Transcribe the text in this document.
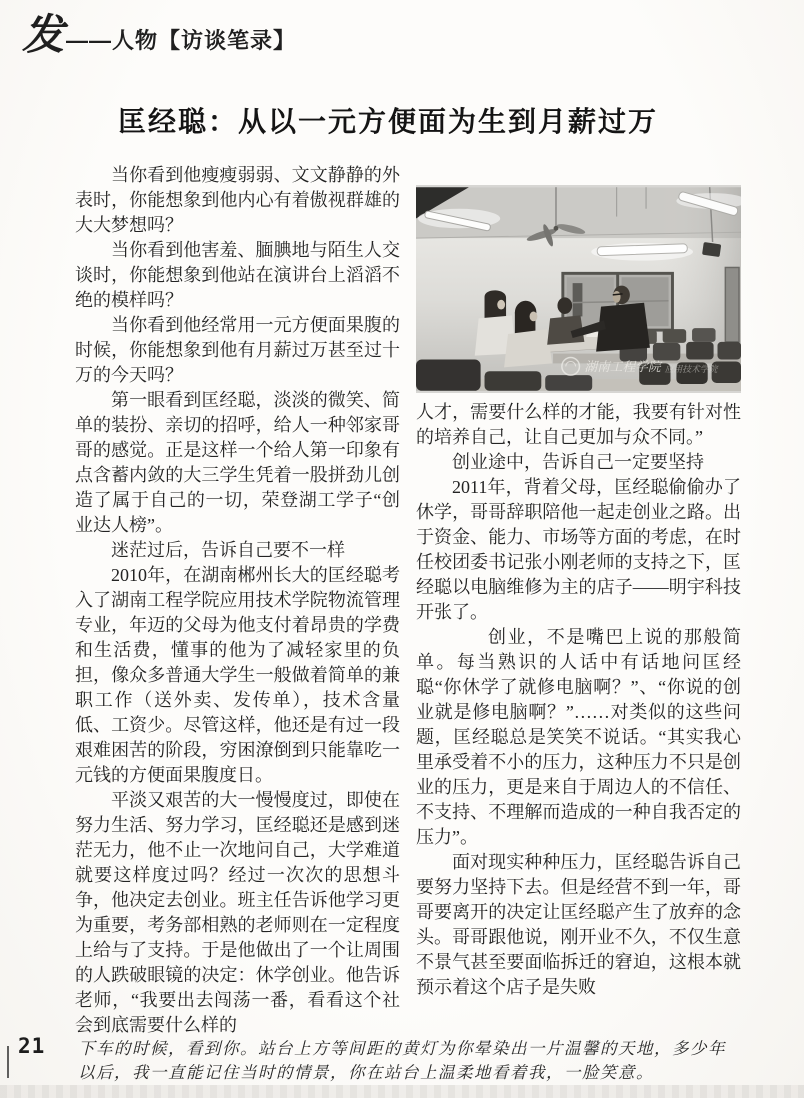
发 ——人物【访谈笔录】
匡经聪：从以一元方便面为生到月薪过万

当你看到他瘦瘦弱弱、文文静静的外表时，你能想象到他内心有着傲视群雄的大大梦想吗？

当你看到他害羞、腼腆地与陌生人交谈时，你能想象到他站在演讲台上滔滔不绝的模样吗？

当你看到他经常用一元方便面果腹的时候，你能想象到他有月薪过万甚至过十万的今天吗？

第一眼看到匡经聪，淡淡的微笑、简单的装扮、亲切的招呼，给人一种邻家哥哥的感觉。正是这样一个给人第一印象有点含蓄内敛的大三学生凭着一股拼劲儿创造了属于自己的一切，荣登湖工学子“创业达人榜”。

迷茫过后，告诉自己要不一样

2010年，在湖南郴州长大的匡经聪考入了湖南工程学院应用技术学院物流管理专业，年迈的父母为他支付着昂贵的学费和生活费，懂事的他为了减轻家里的负担，像众多普通大学生一般做着简单的兼职工作（送外卖、发传单），技术含量低、工资少。尽管这样，他还是有过一段艰难困苦的阶段，穷困潦倒到只能靠吃一元钱的方便面果腹度日。

平淡又艰苦的大一慢慢度过，即使在努力生活、努力学习，匡经聪还是感到迷茫无力，他不止一次地问自己，大学难道就要这样度过吗？经过一次次的思想斗争，他决定去创业。班主任告诉他学习更为重要，考务部相熟的老师则在一定程度上给与了支持。于是他做出了一个让周围的人跌破眼镜的决定：休学创业。他告诉老师，“我要出去闯荡一番，看看这个社会到底需要什么样的

湖南工程学院 应用技术学院

人才，需要什么样的才能，我要有针对性的培养自己，让自己更加与众不同。”

创业途中，告诉自己一定要坚持

2011年，背着父母，匡经聪偷偷办了休学，哥哥辞职陪他一起走创业之路。出于资金、能力、市场等方面的考虑，在时任校团委书记张小刚老师的支持之下，匡经聪以电脑维修为主的店子——明宇科技开张了。

创业，不是嘴巴上说的那般简单。每当熟识的人话中有话地问匡经聪“你休学了就修电脑啊？”、“你说的创业就是修电脑啊？”……对类似的这些问题，匡经聪总是笑笑不说话。“其实我心里承受着不小的压力，这种压力不只是创业的压力，更是来自于周边人的不信任、不支持、不理解而造成的一种自我否定的压力”。

面对现实种种压力，匡经聪告诉自己要努力坚持下去。但是经营不到一年，哥哥要离开的决定让匡经聪产生了放弃的念头。哥哥跟他说，刚开业不久，不仅生意不景气甚至要面临拆迁的窘迫，这根本就预示着这个店子是失败

21 下车的时候，看到你。站台上方等间距的黄灯为你晕染出一片温馨的天地，多少年
以后，我一直能记住当时的情景，你在站台上温柔地看着我，一脸笑意。
